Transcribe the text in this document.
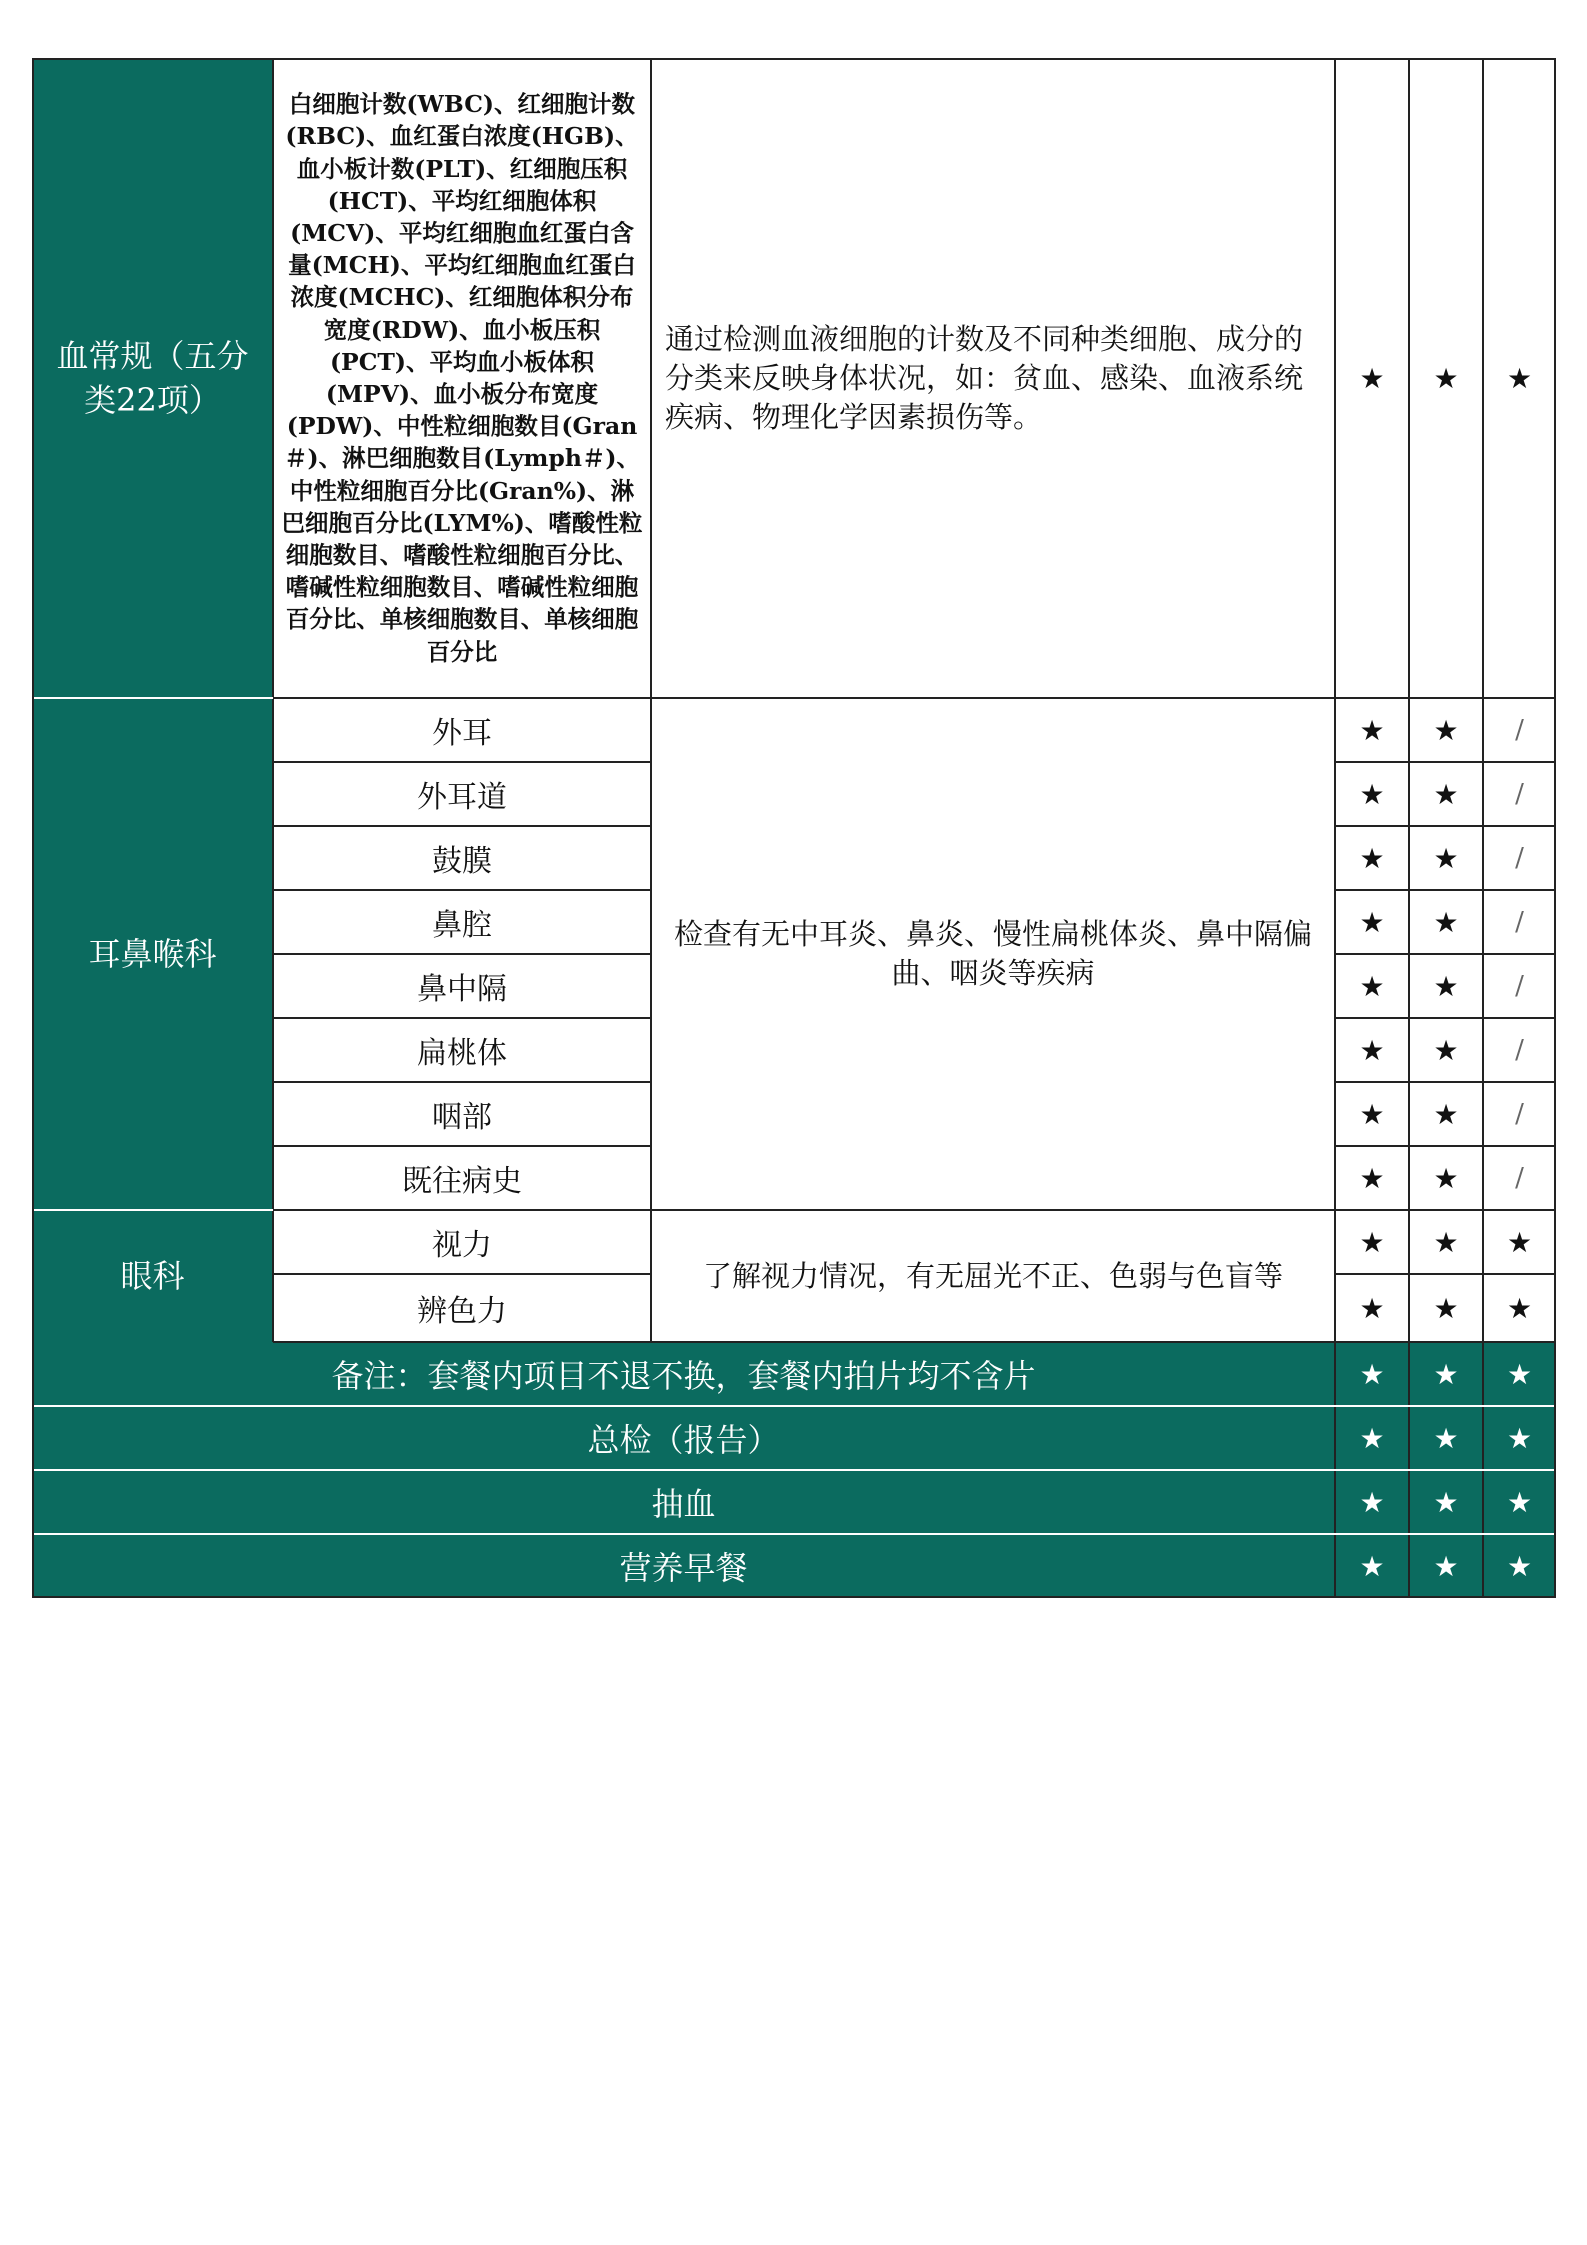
血常规（五分类22项）
白细胞计数(WBC)、红细胞计数(RBC)、血红蛋白浓度(HGB)、血小板计数(PLT)、红细胞压积(HCT)、平均红细胞体积(MCV)、平均红细胞血红蛋白含量(MCH)、平均红细胞血红蛋白浓度(MCHC)、红细胞体积分布宽度(RDW)、血小板压积(PCT)、平均血小板体积(MPV)、血小板分布宽度(PDW)、中性粒细胞数目(Gran＃)、淋巴细胞数目(Lymph＃)、中性粒细胞百分比(Gran%)、淋巴细胞百分比(LYM%)、嗜酸性粒细胞数目、嗜酸性粒细胞百分比、嗜碱性粒细胞数目、嗜碱性粒细胞百分比、单核细胞数目、单核细胞百分比
通过检测血液细胞的计数及不同种类细胞、成分的分类来反映身体状况，如：贫血、感染、血液系统疾病、物理化学因素损伤等。
★	★	★
耳鼻喉科
检查有无中耳炎、鼻炎、慢性扁桃体炎、鼻中隔偏曲、咽炎等疾病
外耳	★	★	/
外耳道	★	★	/
鼓膜	★	★	/
鼻腔	★	★	/
鼻中隔	★	★	/
扁桃体	★	★	/
咽部	★	★	/
既往病史	★	★	/
眼科	了解视力情况，有无屈光不正、色弱与色盲等
视力	★	★	★
辨色力	★	★	★
备注：套餐内项目不退不换，套餐内拍片均不含片	★	★	★
总检（报告）	★	★	★
抽血	★	★	★
营养早餐	★	★	★
